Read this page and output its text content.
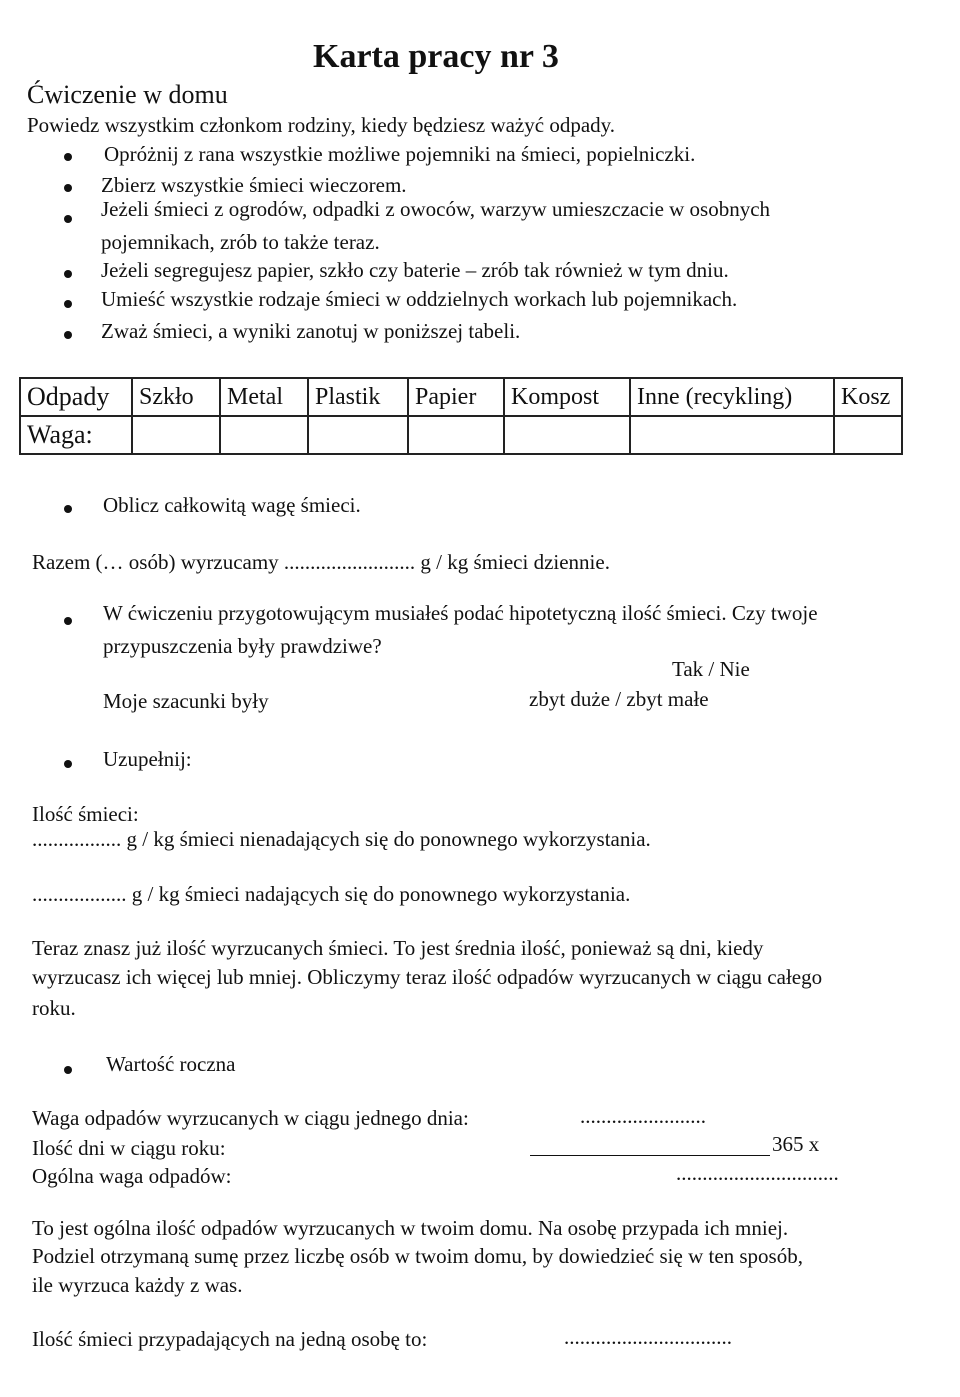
Karta pracy nr 3
Ćwiczenie w domu
Powiedz wszystkim członkom rodziny, kiedy będziesz ważyć odpady.
Opróżnij z rana wszystkie możliwe pojemniki na śmieci, popielniczki.
Zbierz wszystkie śmieci wieczorem.
Jeżeli śmieci z ogrodów, odpadki z owoców, warzyw umieszczacie w osobnych
pojemnikach, zrób to także teraz.
Jeżeli segregujesz papier, szkło czy baterie – zrób tak również w tym dniu.
Umieść wszystkie rodzaje śmieci w oddzielnych workach lub pojemnikach.
Zważ śmieci, a wyniki zanotuj w poniższej tabeli.
Odpady	Szkło	Metal	Plastik	Papier	Kompost	Inne (recykling)	Kosz
Waga:							
Oblicz całkowitą wagę śmieci.
Razem (… osób) wyrzucamy ......................... g / kg śmieci dziennie.
W ćwiczeniu przygotowującym musiałeś podać hipotetyczną ilość śmieci. Czy twoje
przypuszczenia były prawdziwe?
Tak / Nie
Moje szacunki były	zbyt duże / zbyt małe
Uzupełnij:
Ilość śmieci:
................. g / kg śmieci nienadających się do ponownego wykorzystania.
.................. g / kg śmieci nadających się do ponownego wykorzystania.
Teraz znasz już ilość wyrzucanych śmieci. To jest średnia ilość, ponieważ są dni, kiedy
wyrzucasz ich więcej lub mniej. Obliczymy teraz ilość odpadów wyrzucanych w ciągu całego
roku.
Wartość roczna
Waga odpadów wyrzucanych w ciągu jednego dnia:	........................
Ilość dni w ciągu roku:	365 x
Ogólna waga odpadów:	...............................
To jest ogólna ilość odpadów wyrzucanych w twoim domu. Na osobę przypada ich mniej.
Podziel otrzymaną sumę przez liczbę osób w twoim domu, by dowiedzieć się w ten sposób,
ile wyrzuca każdy z was.
Ilość śmieci przypadających na jedną osobę to:	................................
